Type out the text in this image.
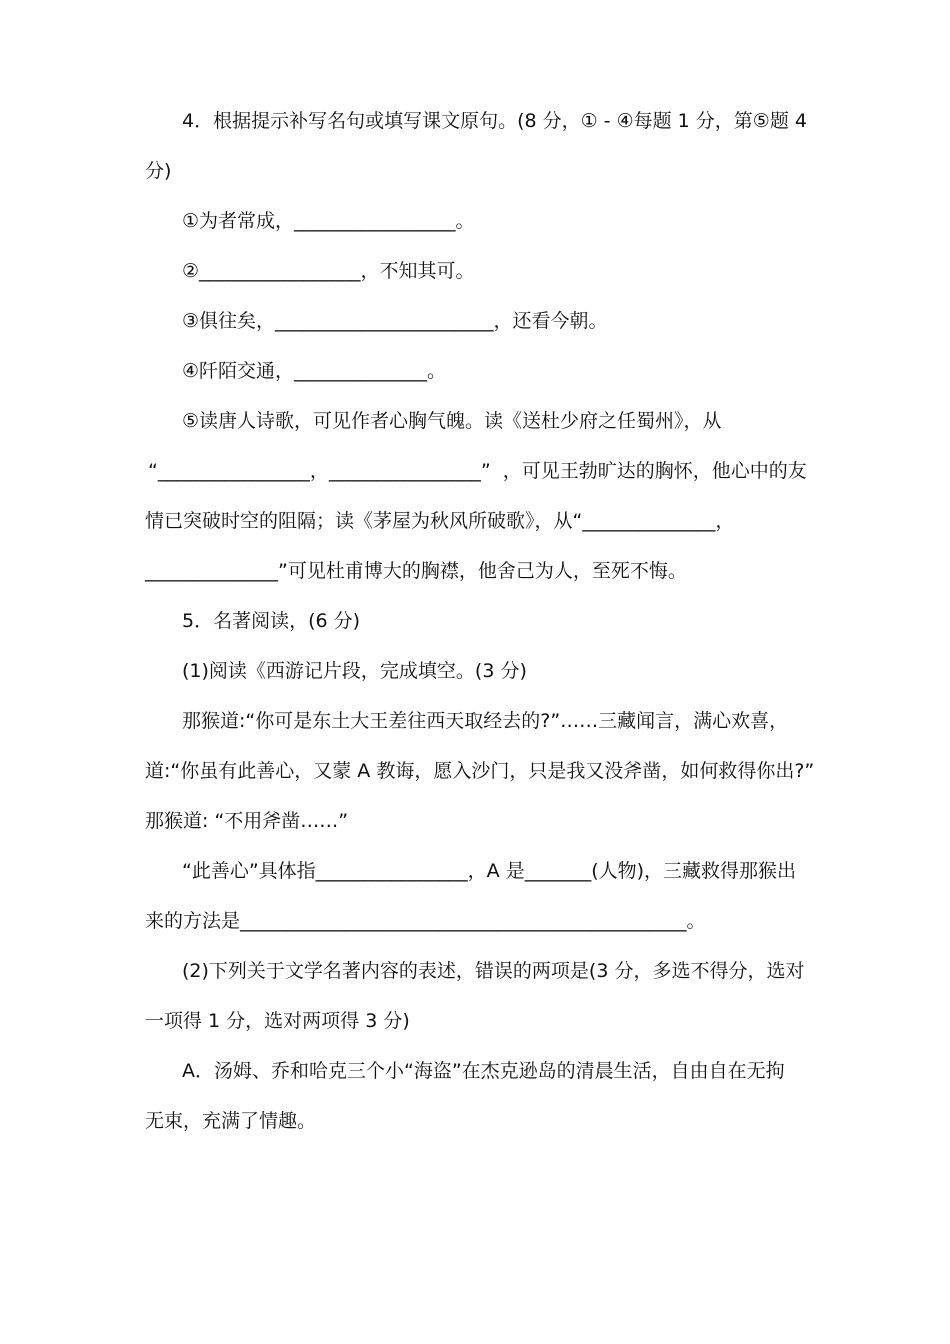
4．根据提示补写名句或填写课文原句。(8 分，① - ④每题 1 分，第⑤题 4
分)
①为者常成，_________________。
②_________________，不知其可。
③俱往矣，_______________________，还看今朝。
④阡陌交通，______________。
⑤读唐人诗歌，可见作者心胸气魄。读《送杜少府之任蜀州》，从
“________________，________________”  ，可见王勃旷达的胸怀，他心中的友
情已突破时空的阻隔；读《茅屋为秋风所破歌》，从“______________，
______________”可见杜甫博大的胸襟，他舍己为人，至死不悔。
5．名著阅读，(6 分)
(1)阅读《西游记片段，完成填空。(3 分)
那猴道:“你可是东土大王差往西天取经去的?”……三藏闻言，满心欢喜，
道:“你虽有此善心，又蒙 A 教诲，愿入沙门，只是我又没斧凿，如何救得你出?”
那猴道: “不用斧凿……”
“此善心”具体指________________，A 是_______(人物)，三藏救得那猴出
来的方法是_______________________________________________。
(2)下列关于文学名著内容的表述，错误的两项是(3 分，多选不得分，选对
一项得 1 分，选对两项得 3 分)
A．汤姆、乔和哈克三个小“海盗”在杰克逊岛的清晨生活，自由自在无拘
无束，充满了情趣。
